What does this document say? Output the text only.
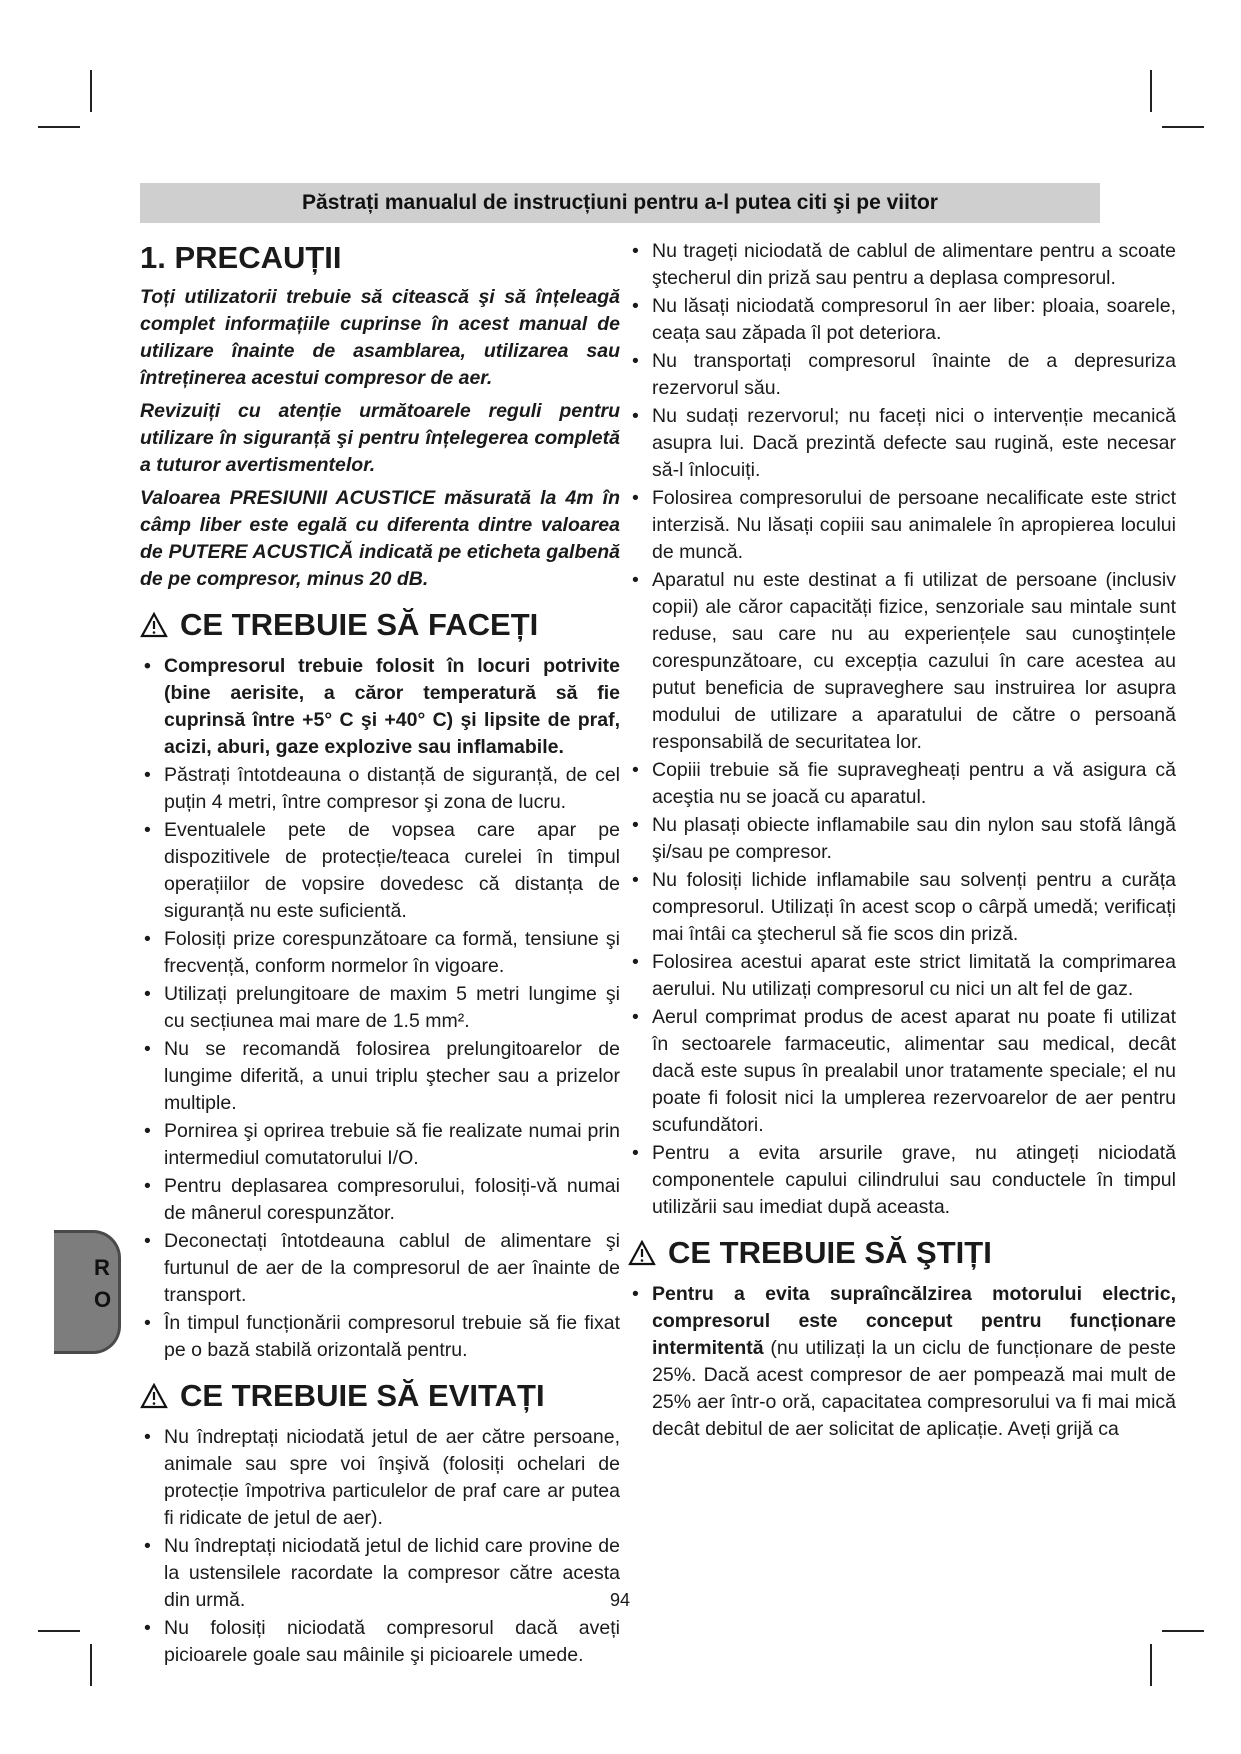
Păstrați manualul de instrucțiuni pentru a-l putea citi şi pe viitor
1. PRECAUȚII

Toți utilizatorii trebuie să citească şi să înțeleagă complet informațiile cuprinse în acest manual de utilizare înainte de asamblarea, utilizarea sau întreținerea acestui compresor de aer.

Revizuiți cu atenție următoarele reguli pentru utilizare în siguranță şi pentru înțelegerea completă a tuturor avertismentelor.

Valoarea PRESIUNII ACUSTICE măsurată la 4m în câmp liber este egală cu diferenta dintre valoarea de PUTERE ACUSTICĂ indicată pe eticheta galbenă de pe compresor, minus 20 dB.

CE TREBUIE SĂ FACEȚI
• Compresorul trebuie folosit în locuri potrivite (bine aerisite, a căror temperatură să fie cuprinsă între +5° C şi +40° C) şi lipsite de praf, acizi, aburi, gaze explozive sau inflamabile.
• Păstrați întotdeauna o distanță de siguranță, de cel puțin 4 metri, între compresor şi zona de lucru.
• Eventualele pete de vopsea care apar pe dispozitivele de protecție/teaca curelei în timpul operațiilor de vopsire dovedesc că distanța de siguranță nu este suficientă.
• Folosiți prize corespunzătoare ca formă, tensiune şi frecvență, conform normelor în vigoare.
• Utilizați prelungitoare de maxim 5 metri lungime şi cu secțiunea mai mare de 1.5 mm².
• Nu se recomandă folosirea prelungitoarelor de lungime diferită, a unui triplu ştecher sau a prizelor multiple.
• Pornirea şi oprirea trebuie să fie realizate numai prin intermediul comutatorului I/O.
• Pentru deplasarea compresorului, folosiți-vă numai de mânerul corespunzător.
• Deconectați întotdeauna cablul de alimentare şi furtunul de aer de la compresorul de aer înainte de transport.
• În timpul funcționării compresorul trebuie să fie fixat pe o bază stabilă orizontală pentru.
CE TREBUIE SĂ EVITAȚI
• Nu îndreptați niciodată jetul de aer către persoane, animale sau spre voi înşivă (folosiți ochelari de protecție împotriva particulelor de praf care ar putea fi ridicate de jetul de aer).
• Nu îndreptați niciodată jetul de lichid care provine de la ustensilele racordate la compresor către acesta din urmă.
• Nu folosiți niciodată compresorul dacă aveți picioarele goale sau mâinile şi picioarele umede.
• Nu trageți niciodată de cablul de alimentare pentru a scoate ştecherul din priză sau pentru a deplasa compresorul.
• Nu lăsați niciodată compresorul în aer liber: ploaia, soarele, ceața sau zăpada îl pot deteriora.
• Nu transportați compresorul înainte de a depresuriza rezervorul său.
• Nu sudați rezervorul; nu faceți nici o intervenție mecanică asupra lui. Dacă prezintă defecte sau rugină, este necesar să-l înlocuiți.
• Folosirea compresorului de persoane necalificate este strict interzisă. Nu lăsați copiii sau animalele în apropierea locului de muncă.
• Aparatul nu este destinat a fi utilizat de persoane (inclusiv copii) ale căror capacități fizice, senzoriale sau mintale sunt reduse, sau care nu au experiențele sau cunoştințele corespunzătoare, cu excepția cazului în care acestea au putut beneficia de supraveghere sau instruirea lor asupra modului de utilizare a aparatului de către o persoană responsabilă de securitatea lor.
• Copiii trebuie să fie supravegheați pentru a vă asigura că aceştia nu se joacă cu aparatul.
• Nu plasați obiecte inflamabile sau din nylon sau stofă lângă şi/sau pe compresor.
• Nu folosiți lichide inflamabile sau solvenți pentru a curăța compresorul. Utilizați în acest scop o cârpă umedă; verificați mai întâi ca ştecherul să fie scos din priză.
• Folosirea acestui aparat este strict limitată la comprimarea aerului. Nu utilizați compresorul cu nici un alt fel de gaz.
• Aerul comprimat produs de acest aparat nu poate fi utilizat în sectoarele farmaceutic, alimentar sau medical, decât dacă este supus în prealabil unor tratamente speciale; el nu poate fi folosit nici la umplerea rezervoarelor de aer pentru scufundători.
• Pentru a evita arsurile grave, nu atingeți niciodată componentele capului cilindrului sau conductele în timpul utilizării sau imediat după aceasta.
CE TREBUIE SĂ ŞTIȚI
• Pentru a evita supraîncălzirea motorului electric, compresorul este conceput pentru funcționare intermitentă (nu utilizați la un ciclu de funcționare de peste 25%. Dacă acest compresor de aer pompează mai mult de 25% aer într-o oră, capacitatea compresorului va fi mai mică decât debitul de aer solicitat de aplicație. Aveți grijă ca
94
R
O
